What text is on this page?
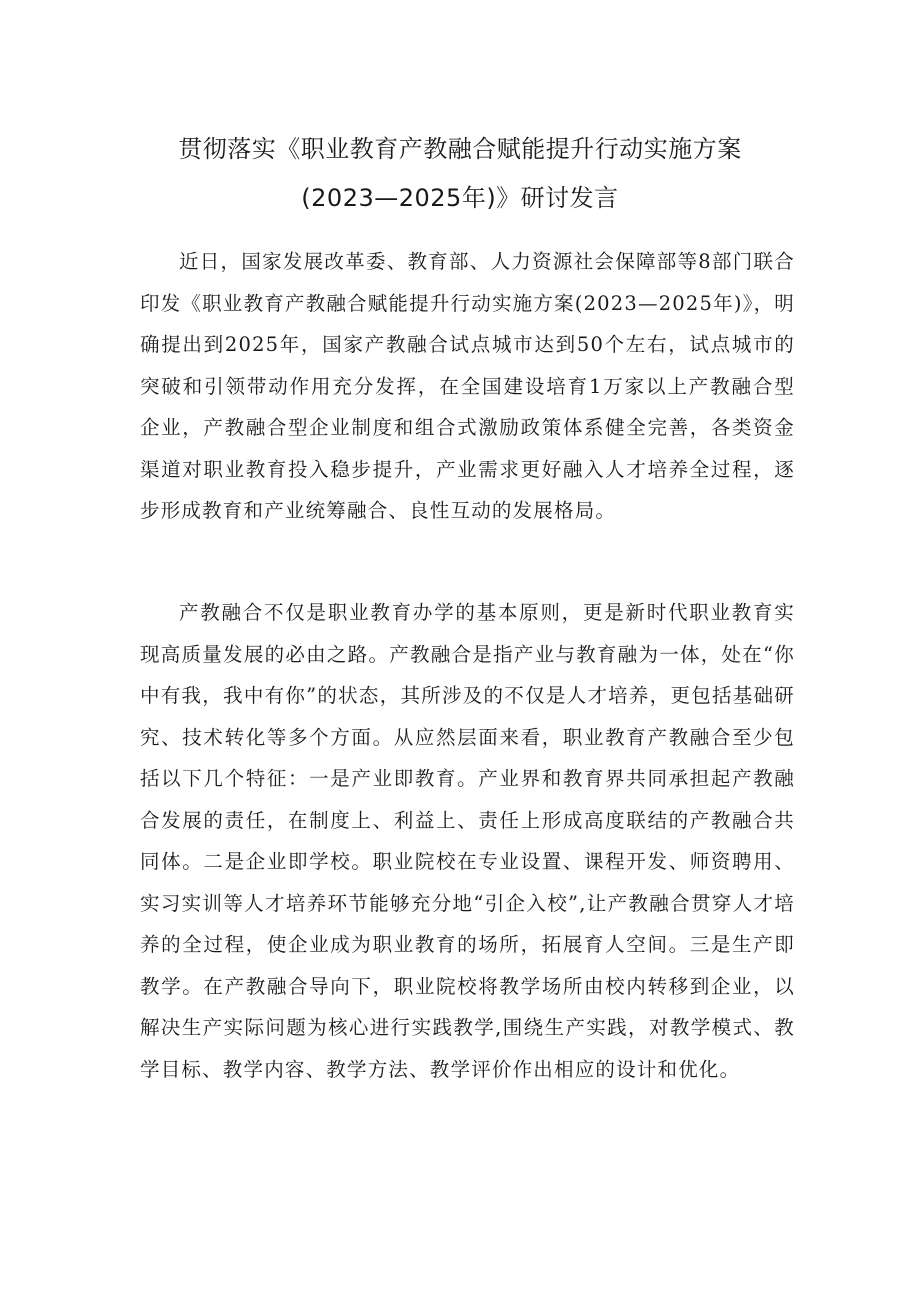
贯彻落实《职业教育产教融合赋能提升行动实施方案
(2023—2025年)》研讨发言

近日，国家发展改革委、教育部、人力资源社会保障部等8部门联合印发《职业教育产教融合赋能提升行动实施方案(2023—2025年)》，明确提出到2025年，国家产教融合试点城市达到50个左右，试点城市的突破和引领带动作用充分发挥，在全国建设培育1万家以上产教融合型企业，产教融合型企业制度和组合式激励政策体系健全完善，各类资金渠道对职业教育投入稳步提升，产业需求更好融入人才培养全过程，逐步形成教育和产业统筹融合、良性互动的发展格局。

产教融合不仅是职业教育办学的基本原则，更是新时代职业教育实现高质量发展的必由之路。产教融合是指产业与教育融为一体，处在“你中有我，我中有你”的状态，其所涉及的不仅是人才培养，更包括基础研究、技术转化等多个方面。从应然层面来看，职业教育产教融合至少包括以下几个特征：一是产业即教育。产业界和教育界共同承担起产教融合发展的责任，在制度上、利益上、责任上形成高度联结的产教融合共同体。二是企业即学校。职业院校在专业设置、课程开发、师资聘用、实习实训等人才培养环节能够充分地“引企入校”,让产教融合贯穿人才培养的全过程，使企业成为职业教育的场所，拓展育人空间。三是生产即教学。在产教融合导向下，职业院校将教学场所由校内转移到企业，以解决生产实际问题为核心进行实践教学,围绕生产实践，对教学模式、教学目标、教学内容、教学方法、教学评价作出相应的设计和优化。
